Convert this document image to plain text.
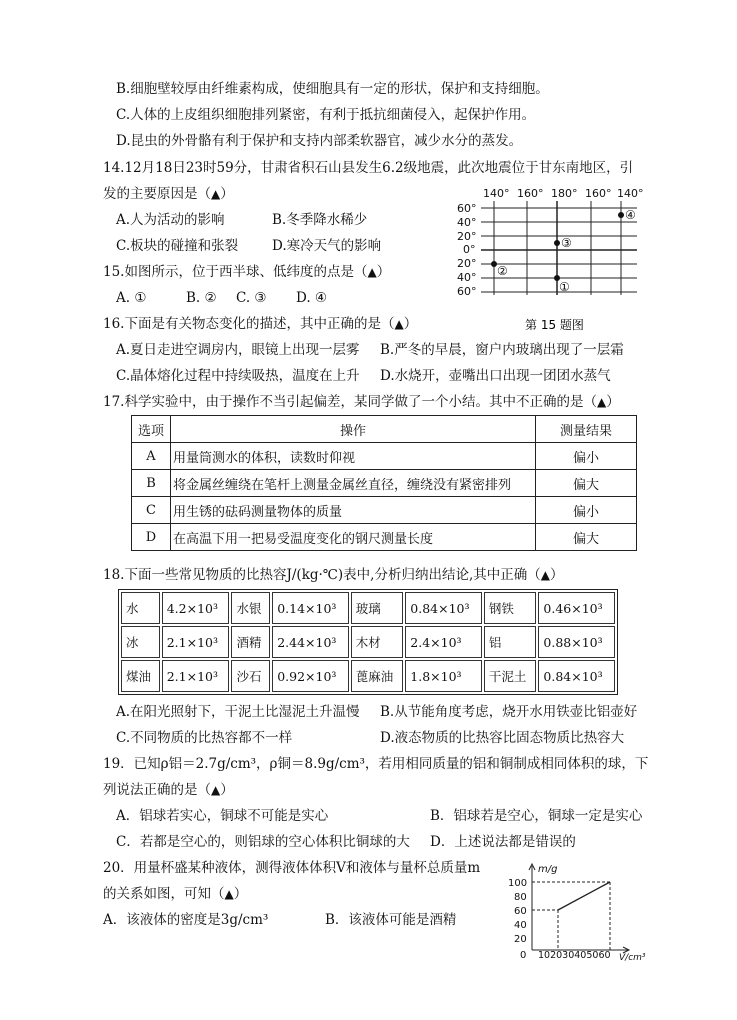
B.细胞壁较厚由纤维素构成，使细胞具有一定的形状，保护和支持细胞。
C.人体的上皮组织细胞排列紧密，有利于抵抗细菌侵入，起保护作用。
D.昆虫的外骨骼有利于保护和支持内部柔软器官，减少水分的蒸发。
14.12月18日23时59分，甘肃省积石山县发生6.2级地震，此次地震位于甘东南地区，引
发的主要原因是（▲）
A.人为活动的影响	B.冬季降水稀少
C.板块的碰撞和张裂	D.寒冷天气的影响
15.如图所示，位于西半球、低纬度的点是（▲）
A. ①	B. ② C. ③ D. ④
140° 160° 180° 160° 140°
60°
40°
20°
0°
20°
40°
60°
②
③
①
④
第 15 题图
16.下面是有关物态变化的描述，其中正确的是（▲）
A.夏日走进空调房内，眼镜上出现一层雾 B.严冬的早晨，窗户内玻璃出现了一层霜
C.晶体熔化过程中持续吸热，温度在上升 D.水烧开，壶嘴出口出现一团团水蒸气
17.科学实验中，由于操作不当引起偏差，某同学做了一个小结。其中不正确的是（▲）
选项	操作	测量结果
A	用量筒测水的体积，读数时仰视	偏小
B	将金属丝缠绕在笔杆上测量金属丝直径，缠绕没有紧密排列	偏大
C	用生锈的砝码测量物体的质量	偏小
D	在高温下用一把易受温度变化的钢尺测量长度	偏大
18.下面一些常见物质的比热容J/(kg·℃)表中,分析归纳出结论,其中正确（▲）
水	4.2×10³	水银	0.14×10³	玻璃	0.84×10³	钢铁	0.46×10³
冰	2.1×10³	酒精	2.44×10³	木材	2.4×10³	铝	0.88×10³
煤油	2.1×10³	沙石	0.92×10³	蓖麻油	1.8×10³	干泥土	0.84×10³
A.在阳光照射下，干泥土比湿泥土升温慢 B.从节能角度考虑，烧开水用铁壶比铝壶好
C.不同物质的比热容都不一样	D.液态物质的比热容比固态物质比热容大
19．已知ρ铝＝2.7g/cm³，ρ铜＝8.9g/cm³，若用相同质量的铝和铜制成相同体积的球，下
列说法正确的是（▲）
A．铝球若实心，铜球不可能是实心	B．铝球若是空心，铜球一定是实心
C．若都是空心的，则铝球的空心体积比铜球的大 D．上述说法都是错误的
20．用量杯盛某种液体，测得液体体积V和液体与量杯总质量m
的关系如图，可知（▲）
A．该液体的密度是3g/cm³	B．该液体可能是酒精
m/g
100
80
60
40
20
0 102030405060 V/cm³
